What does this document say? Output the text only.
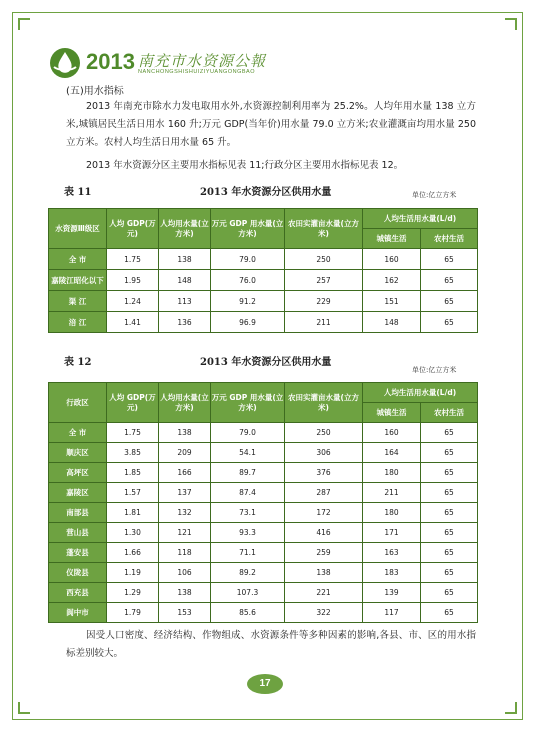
2013 南充市水资源公報
NANCHONGSHISHUIZIYUANGONGBAO
(五)用水指标
2013 年南充市除水力发电取用水外,水资源控制利用率为 25.2%。人均年用水量 138 立方米,城镇居民生活日用水 160 升;万元 GDP(当年价)用水量 79.0 立方米;农业灌溉亩均用水量 250 立方米。农村人均生活日用水量 65 升。
2013 年水资源分区主要用水指标见表 11;行政分区主要用水指标见表 12。
表 11	2013 年水资源分区供用水量	单位:亿立方米
水资源Ⅲ级区	人均 GDP(万元)	人均用水量(立方米)	万元 GDP 用水量(立方米)	农田实灌亩水量(立方米)	人均生活用水量(L/d)	
					城镇生活	农村生活
全 市	1.75	138	79.0	250	160	65
嘉陵江昭化以下	1.95	148	76.0	257	162	65
渠 江	1.24	113	91.2	229	151	65
涪 江	1.41	136	96.9	211	148	65
表 12	2013 年水资源分区供用水量
单位:亿立方米
行政区	人均 GDP(万元)	人均用水量(立方米)	万元 GDP 用水量(立方米)	农田实灌亩水量(立方米)	人均生活用水量(L/d)	
					城镇生活	农村生活
全 市	1.75	138	79.0	250	160	65
顺庆区	3.85	209	54.1	306	164	65
高坪区	1.85	166	89.7	376	180	65
嘉陵区	1.57	137	87.4	287	211	65
南部县	1.81	132	73.1	172	180	65
营山县	1.30	121	93.3	416	171	65
蓬安县	1.66	118	71.1	259	163	65
仪陇县	1.19	106	89.2	138	183	65
西充县	1.29	138	107.3	221	139	65
阆中市	1.79	153	85.6	322	117	65
因受人口密度、经济结构、作物组成、水资源条件等多种因素的影响,各县、市、区的用水指标差别较大。
17
